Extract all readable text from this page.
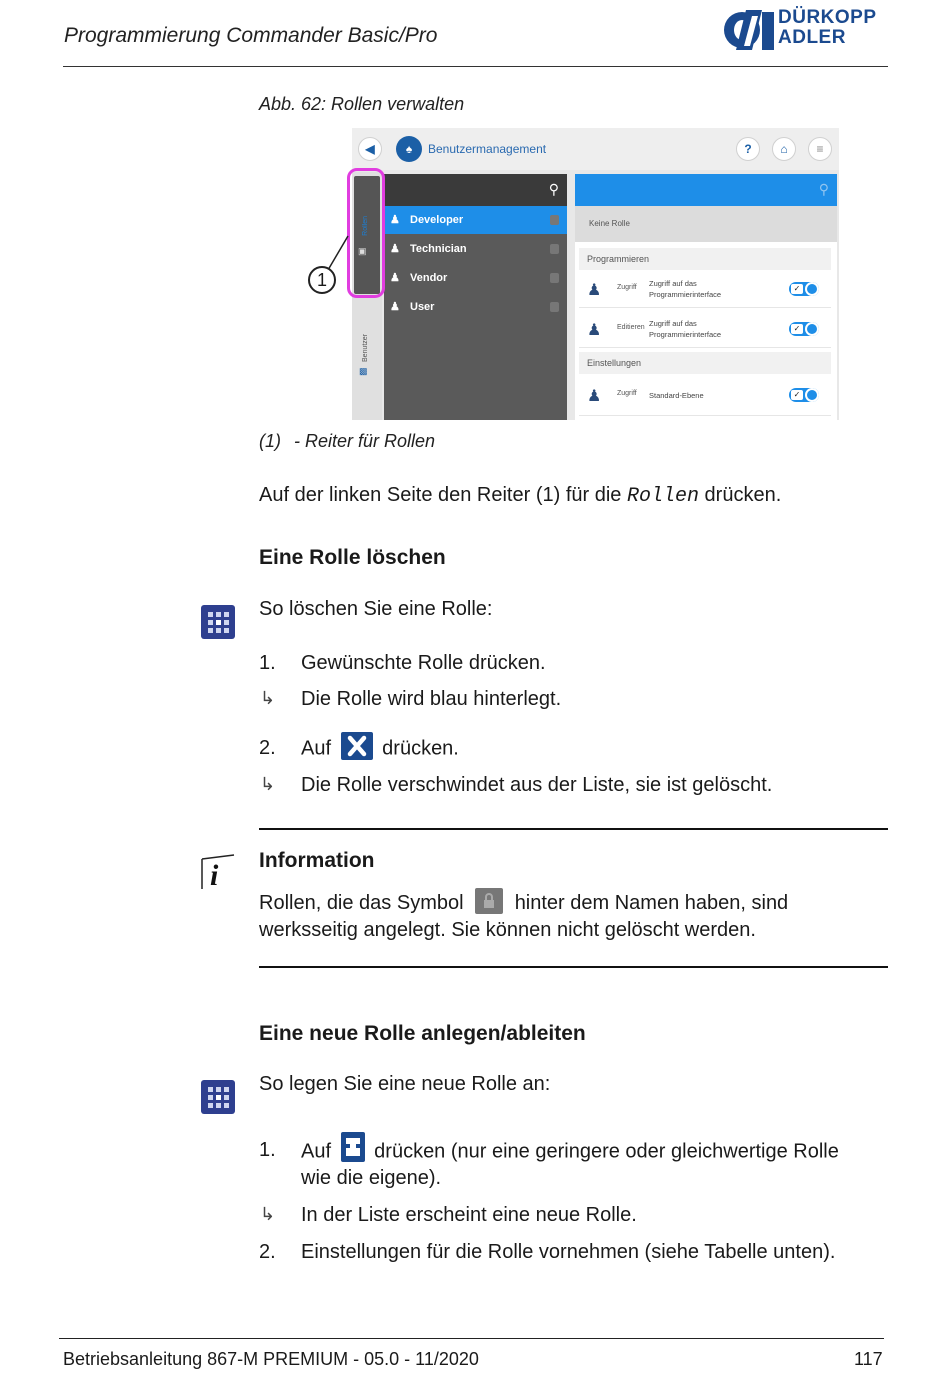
Programmierung Commander Basic/Pro
DÜRKOPP
ADLER
Abb. 62: Rollen verwalten
◀	♠	Benutzermanagement	?	⌂	≡
Rollen
▣
Benutzer
▩
⚲
♟ Developer
♟ Technician
♟ Vendor
♟ User
⚲
Keine Rolle
Programmieren
♟ Zugriff Zugriff auf das
Programmierinterface
✓
♟ Editieren Zugriff auf das
Programmierinterface
✓
Einstellungen
♟ Zugriff Standard-Ebene	✓
1
(1) - Reiter für Rollen
Auf der linken Seite den Reiter (1) für die Rollen drücken.
Eine Rolle löschen
So löschen Sie eine Rolle:
1. Gewünschte Rolle drücken.
↳ Die Rolle wird blau hinterlegt.
2. Auf	drücken.
↳ Die Rolle verschwindet aus der Liste, sie ist gelöscht.
i Information
Rollen, die das Symbol	hinter dem Namen haben, sind
werksseitig angelegt. Sie können nicht gelöscht werden.
Eine neue Rolle anlegen/ableiten
So legen Sie eine neue Rolle an:
1. Auf drücken (nur eine geringere oder gleichwertige Rolle
wie die eigene).
↳ In der Liste erscheint eine neue Rolle.
2. Einstellungen für die Rolle vornehmen (siehe Tabelle unten).
Betriebsanleitung 867-M PREMIUM - 05.0 - 11/2020	117
